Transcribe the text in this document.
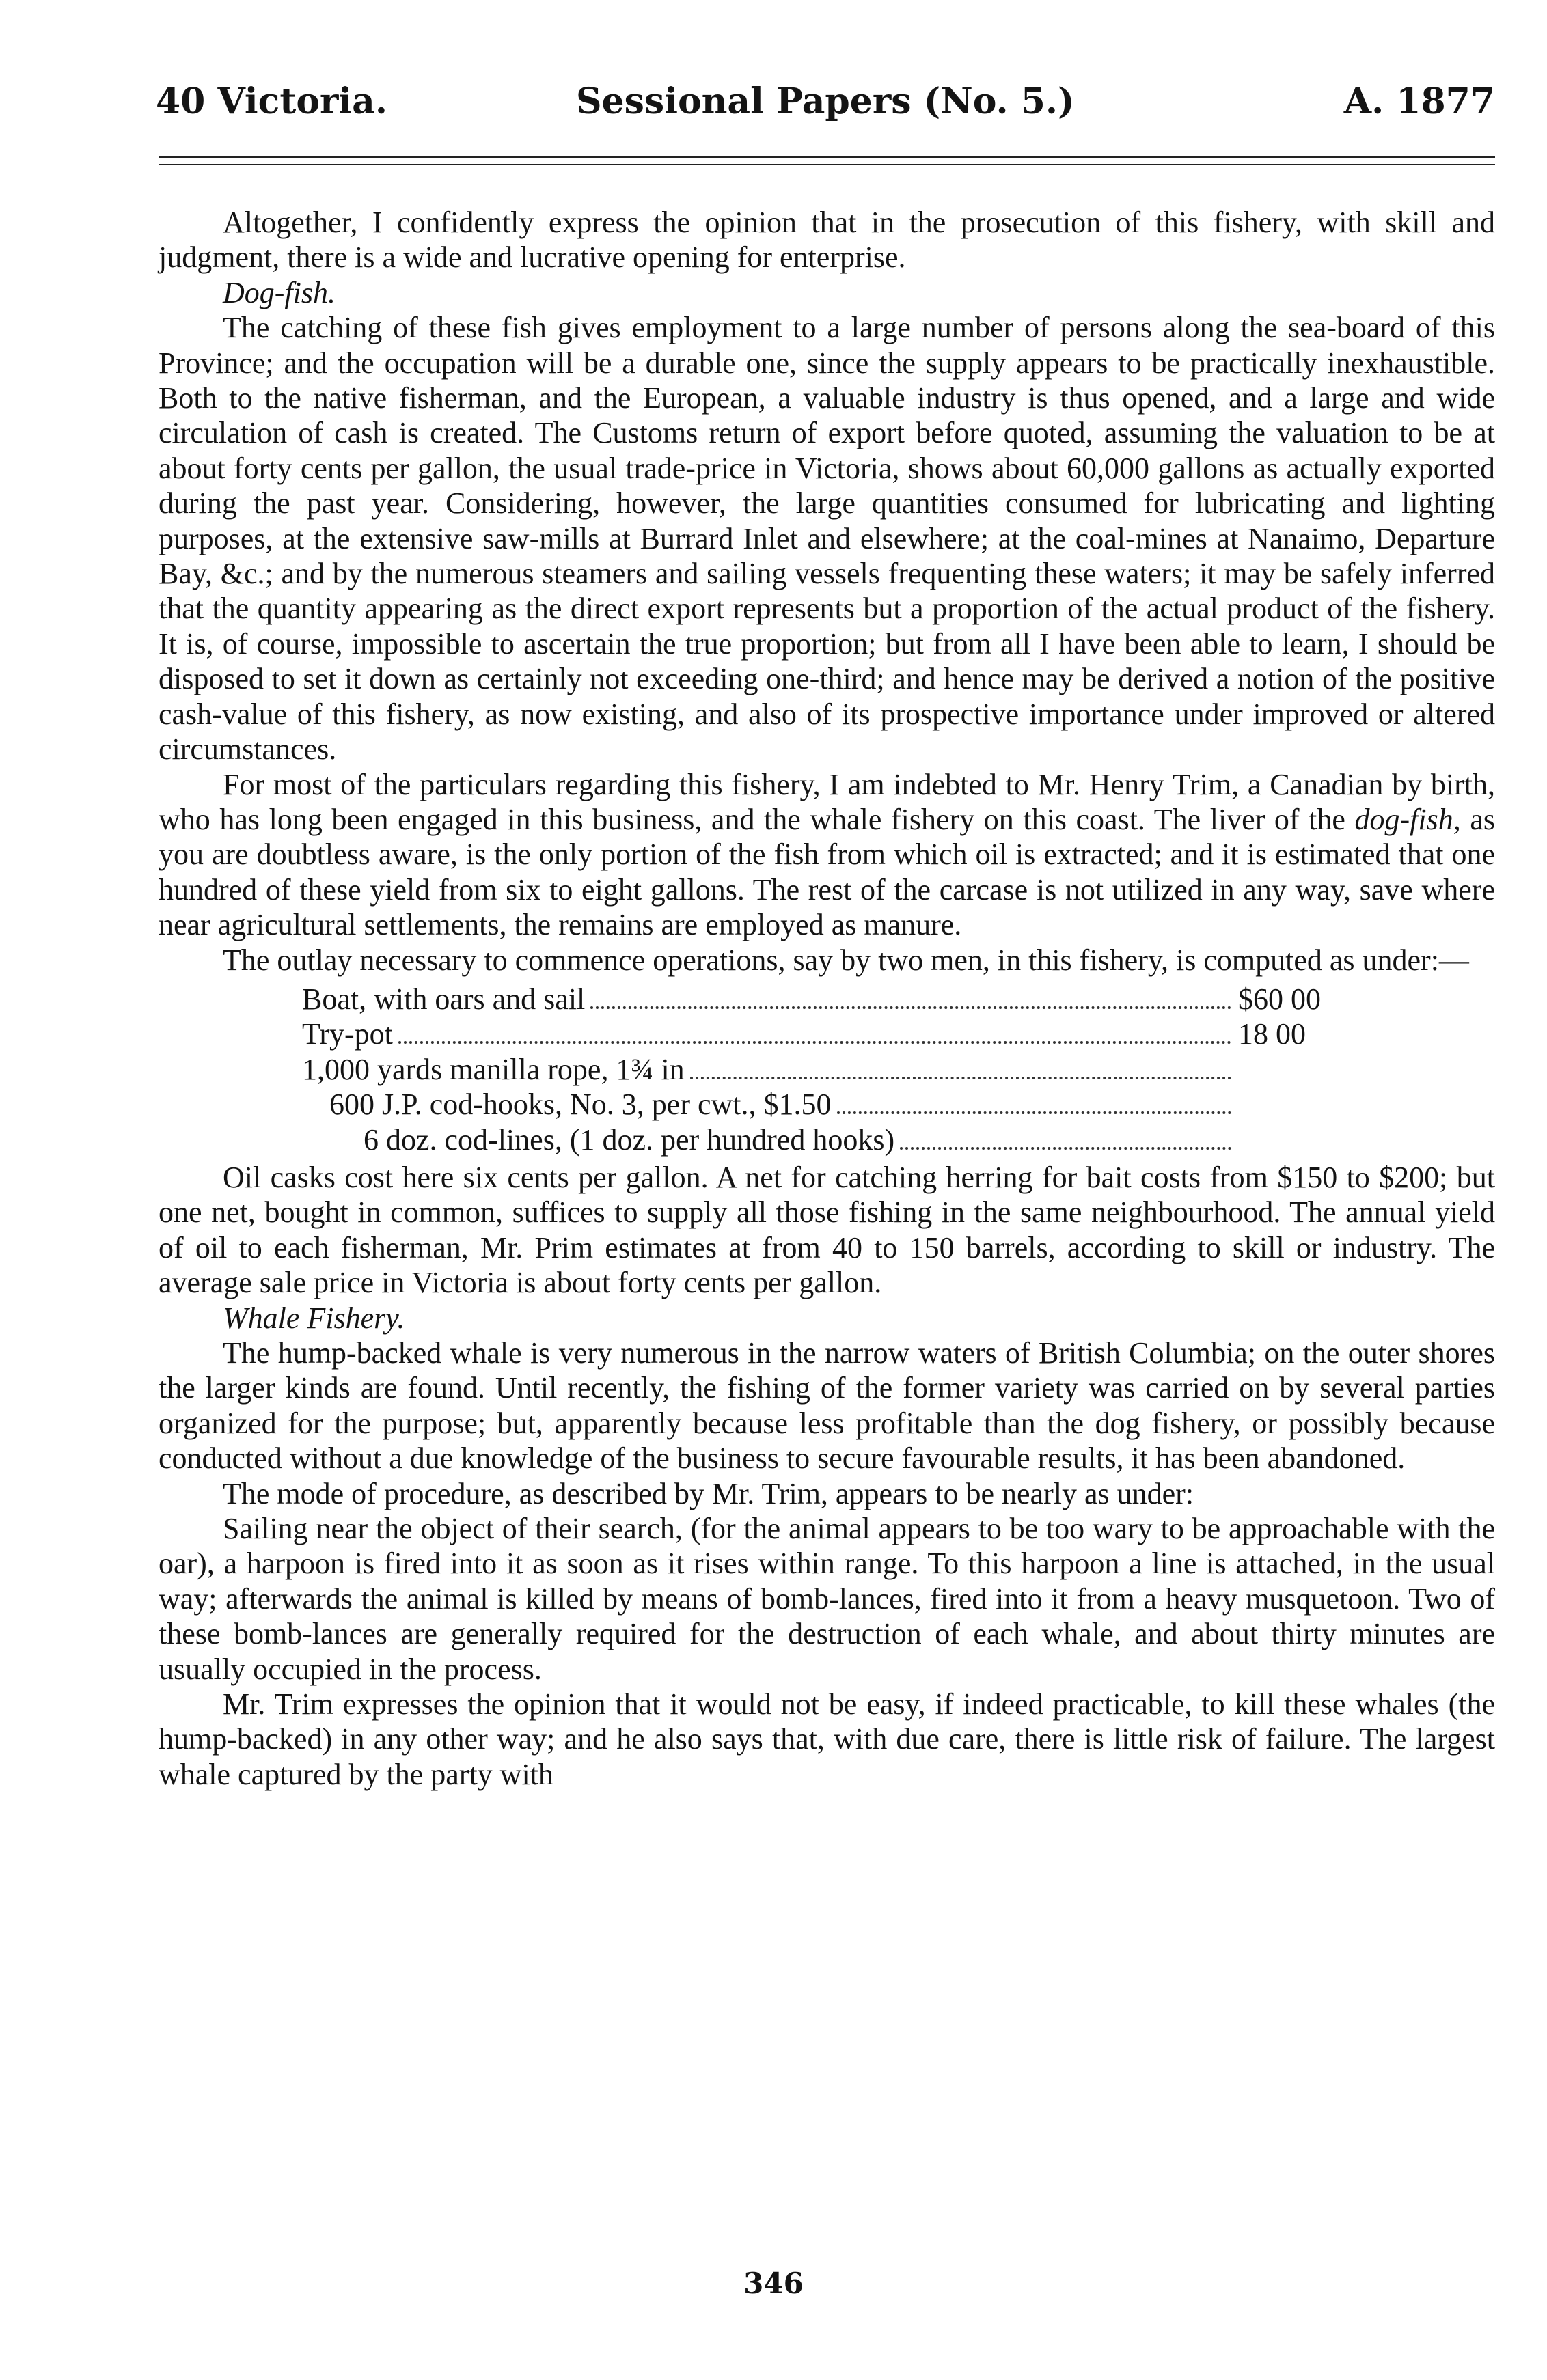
40 Victoria.	Sessional Papers (No. 5.)	A. 1877

Altogether, I confidently express the opinion that in the prosecution of this fishery, with skill and judgment, there is a wide and lucrative opening for enterprise.

Dog-fish.

The catching of these fish gives employment to a large number of persons along the sea-board of this Province; and the occupation will be a durable one, since the supply appears to be practically inexhaustible. Both to the native fisherman, and the European, a valuable industry is thus opened, and a large and wide circulation of cash is created. The Customs return of export before quoted, assuming the valuation to be at about forty cents per gallon, the usual trade-price in Victoria, shows about 60,000 gallons as actually exported during the past year. Considering, however, the large quantities consumed for lubricating and lighting purposes, at the extensive saw-mills at Burrard Inlet and elsewhere; at the coal-mines at Nanaimo, Departure Bay, &c.; and by the numerous steamers and sailing vessels frequenting these waters; it may be safely inferred that the quantity appearing as the direct export represents but a proportion of the actual product of the fishery. It is, of course, impossible to ascertain the true proportion; but from all I have been able to learn, I should be disposed to set it down as certainly not exceeding one-third; and hence may be derived a notion of the positive cash-value of this fishery, as now existing, and also of its prospective importance under improved or altered circumstances.

For most of the particulars regarding this fishery, I am indebted to Mr. Henry Trim, a Canadian by birth, who has long been engaged in this business, and the whale fishery on this coast. The liver of the dog-fish, as you are doubtless aware, is the only portion of the fish from which oil is extracted; and it is estimated that one hundred of these yield from six to eight gallons. The rest of the carcase is not utilized in any way, save where near agricultural settlements, the remains are employed as manure.

The outlay necessary to commence operations, say by two men, in this fishery, is computed as under:—

Boat, with oars and sail	$60 00
Try-pot	18 00
1,000 yards manilla rope, 1¾ in
600 J.P. cod-hooks, No. 3, per cwt., $1.50
6 doz. cod-lines, (1 doz. per hundred hooks)

Oil casks cost here six cents per gallon. A net for catching herring for bait costs from $150 to $200; but one net, bought in common, suffices to supply all those fishing in the same neighbourhood. The annual yield of oil to each fisherman, Mr. Prim estimates at from 40 to 150 barrels, according to skill or industry. The average sale price in Victoria is about forty cents per gallon.

Whale Fishery.

The hump-backed whale is very numerous in the narrow waters of British Columbia; on the outer shores the larger kinds are found. Until recently, the fishing of the former variety was carried on by several parties organized for the purpose; but, apparently because less profitable than the dog fishery, or possibly because conducted without a due knowledge of the business to secure favourable results, it has been abandoned.

The mode of procedure, as described by Mr. Trim, appears to be nearly as under:

Sailing near the object of their search, (for the animal appears to be too wary to be approachable with the oar), a harpoon is fired into it as soon as it rises within range. To this harpoon a line is attached, in the usual way; afterwards the animal is killed by means of bomb-lances, fired into it from a heavy musquetoon. Two of these bomb-lances are generally required for the destruction of each whale, and about thirty minutes are usually occupied in the process.

Mr. Trim expresses the opinion that it would not be easy, if indeed practicable, to kill these whales (the hump-backed) in any other way; and he also says that, with due care, there is little risk of failure. The largest whale captured by the party with

346
